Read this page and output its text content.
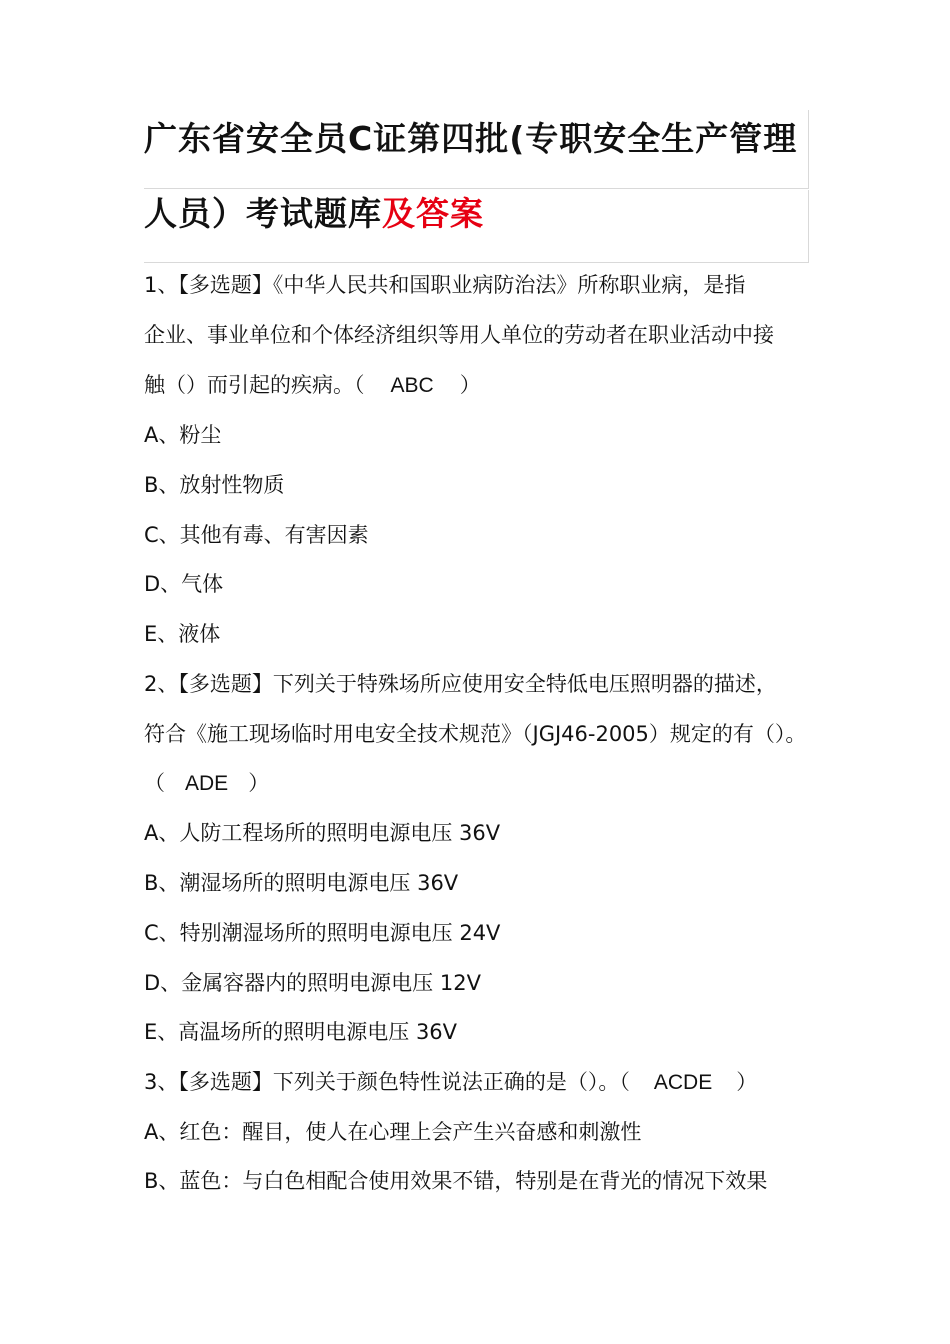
广东省安全员C证第四批(专职安全生产管理
人员）考试题库及答案
1、【多选题】《中华人民共和国职业病防治法》所称职业病，是指
企业、事业单位和个体经济组织等用人单位的劳动者在职业活动中接
触（）而引起的疾病。（ ABC ）
A、粉尘
B、放射性物质
C、其他有毒、有害因素
D、气体
E、液体
2、【多选题】下列关于特殊场所应使用安全特低电压照明器的描述，
符合《施工现场临时用电安全技术规范》（JGJ46-2005）规定的有（）。
（ ADE ）
A、人防工程场所的照明电源电压 36V
B、潮湿场所的照明电源电压 36V
C、特别潮湿场所的照明电源电压 24V
D、金属容器内的照明电源电压 12V
E、高温场所的照明电源电压 36V
3、【多选题】下列关于颜色特性说法正确的是（）。（ ACDE ）
A、红色：醒目，使人在心理上会产生兴奋感和刺激性
B、蓝色：与白色相配合使用效果不错，特别是在背光的情况下效果
